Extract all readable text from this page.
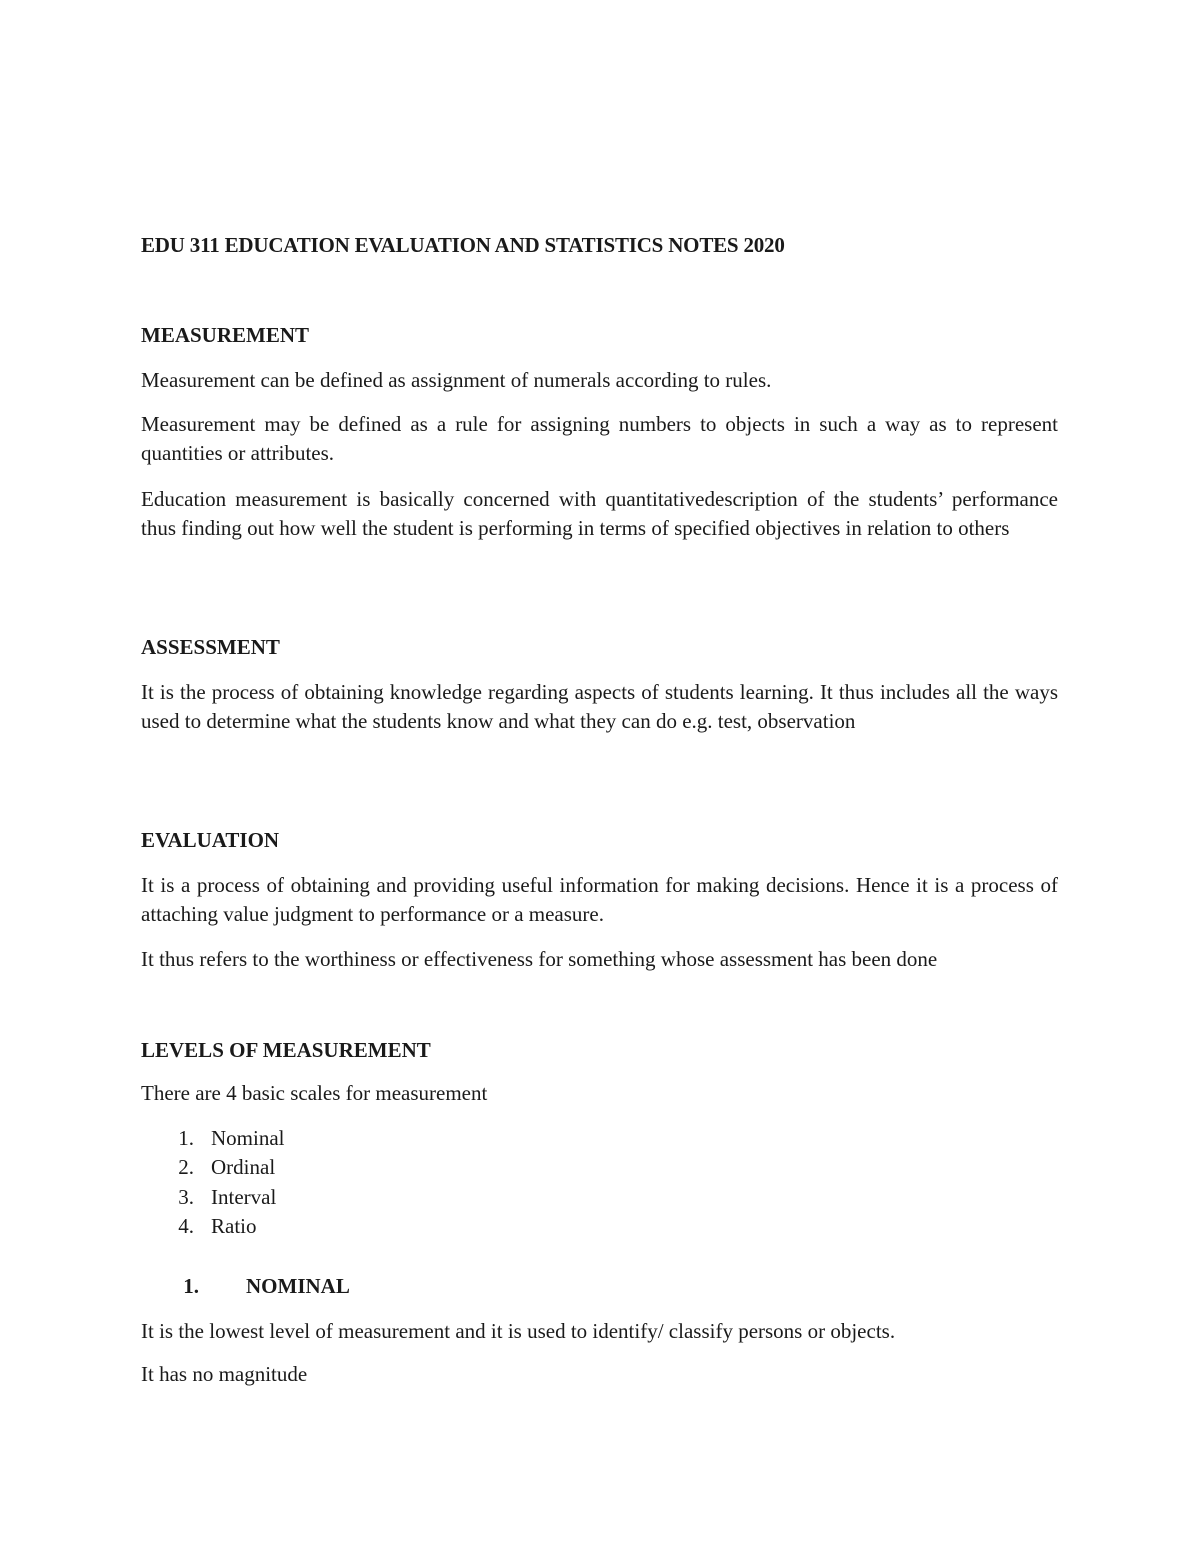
EDU 311 EDUCATION EVALUATION AND STATISTICS NOTES 2020
MEASUREMENT

Measurement can be defined as assignment of numerals according to rules.

Measurement may be defined as a rule for assigning numbers to objects in such a way as to represent quantities or attributes.

Education measurement is basically concerned with quantitativedescription of the students’ performance thus finding out how well the student is performing in terms of specified objectives in relation to others

ASSESSMENT

It is the process of obtaining knowledge regarding aspects of students learning. It thus includes all the ways used to determine what the students know and what they can do e.g. test, observation

EVALUATION

It is a process of obtaining and providing useful information for making decisions. Hence it is a process of attaching value judgment to performance or a measure.

It thus refers to the worthiness or effectiveness for something whose assessment has been done

LEVELS OF MEASUREMENT

There are 4 basic scales for measurement

1. Nominal
2. Ordinal
3. Interval
4. Ratio
1. NOMINAL

It is the lowest level of measurement and it is used to identify/ classify persons or objects.

It has no magnitude
